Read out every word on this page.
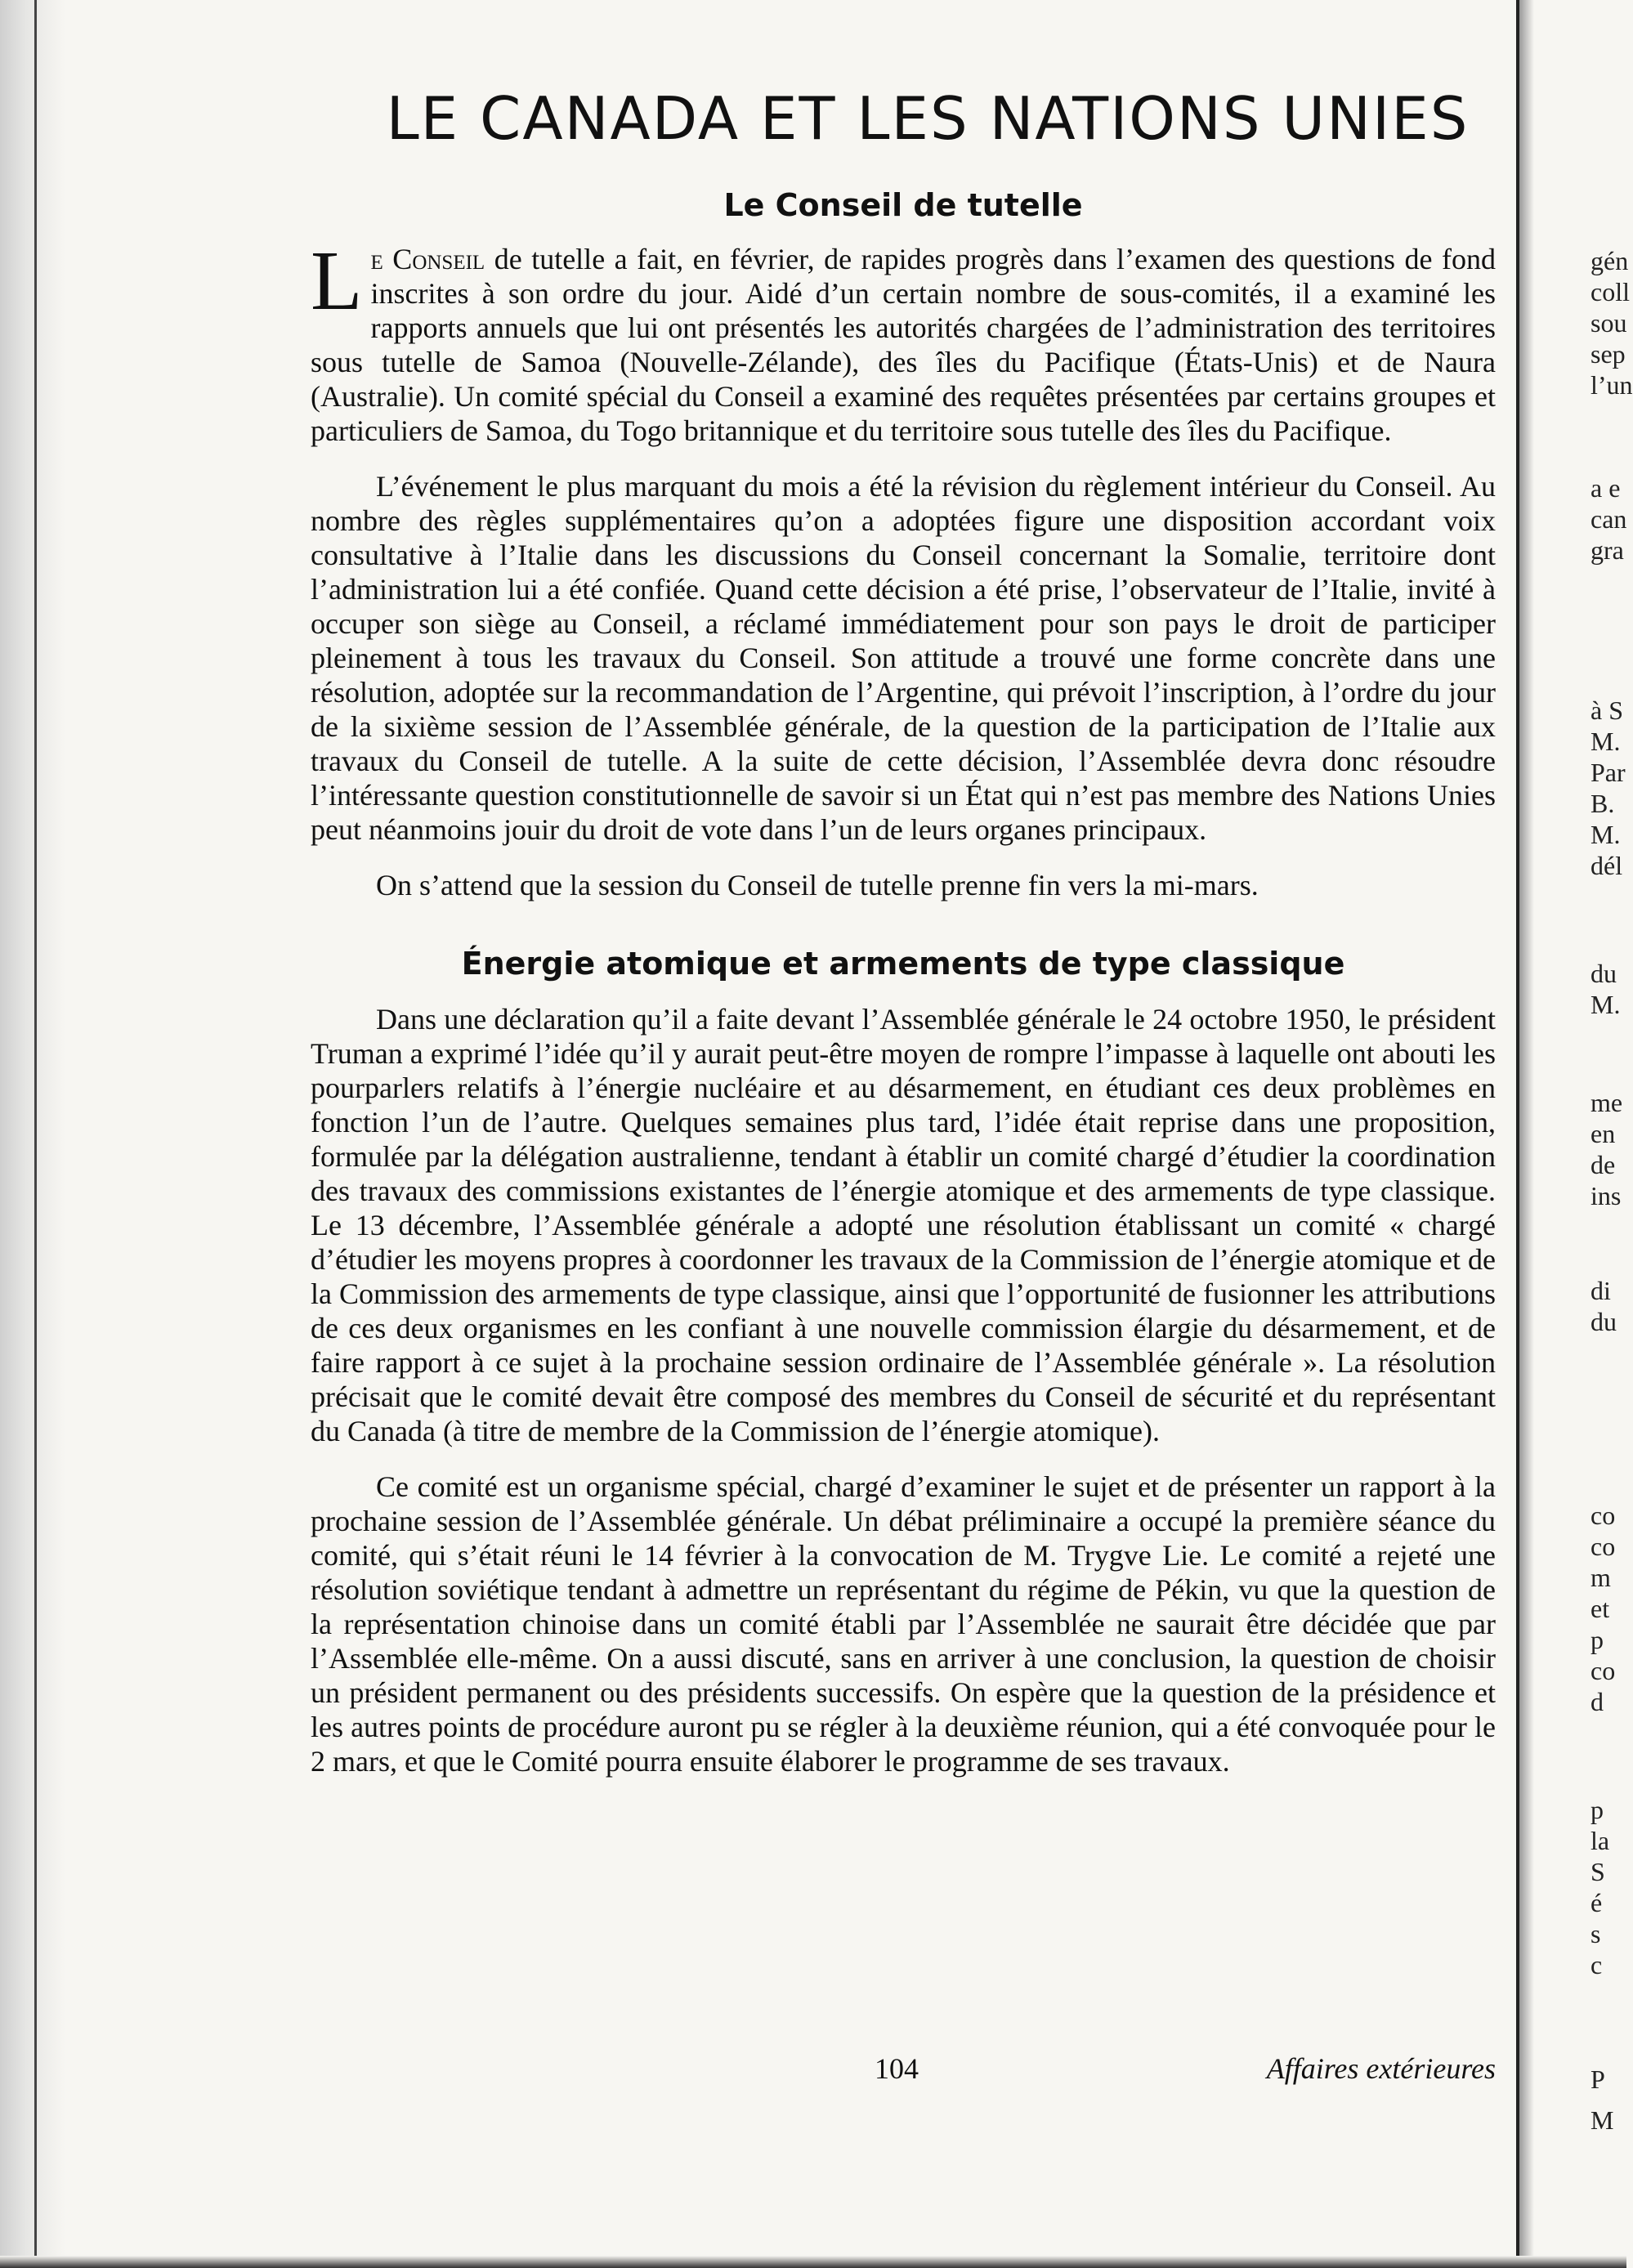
gén
coll
sou
sep
l’un
a e
can
gra
à S
M.
Par
B.
M.
dél
du
M.
me
en
de
ins
di
du
co
co
m
et
p
co
d
p
la
S
é
s
c
P
M
LE CANADA ET LES NATIONS UNIES
Le Conseil de tutelle

Le Conseil de tutelle a fait, en février, de rapides progrès dans l’examen des questions de fond inscrites à son ordre du jour. Aidé d’un certain nombre de sous-comités, il a examiné les rapports annuels que lui ont présentés les autorités chargées de l’administration des territoires sous tutelle de Samoa (Nouvelle-Zélande), des îles du Pacifique (États-Unis) et de Naura (Australie). Un comité spécial du Conseil a examiné des requêtes présentées par certains groupes et particuliers de Samoa, du Togo britannique et du territoire sous tutelle des îles du Pacifique.

L’événement le plus marquant du mois a été la révision du règlement intérieur du Conseil. Au nombre des règles supplémentaires qu’on a adoptées figure une disposition accordant voix consultative à l’Italie dans les discussions du Conseil concernant la Somalie, territoire dont l’administration lui a été confiée. Quand cette décision a été prise, l’observateur de l’Italie, invité à occuper son siège au Conseil, a réclamé immédiatement pour son pays le droit de participer pleinement à tous les travaux du Conseil. Son attitude a trouvé une forme concrète dans une résolution, adoptée sur la recommandation de l’Argentine, qui prévoit l’inscription, à l’ordre du jour de la sixième session de l’Assemblée générale, de la question de la participation de l’Italie aux travaux du Conseil de tutelle. A la suite de cette décision, l’Assemblée devra donc résoudre l’intéressante question constitutionnelle de savoir si un État qui n’est pas membre des Nations Unies peut néanmoins jouir du droit de vote dans l’un de leurs organes principaux.

On s’attend que la session du Conseil de tutelle prenne fin vers la mi-mars.

Énergie atomique et armements de type classique

Dans une déclaration qu’il a faite devant l’Assemblée générale le 24 octobre 1950, le président Truman a exprimé l’idée qu’il y aurait peut-être moyen de rompre l’impasse à laquelle ont abouti les pourparlers relatifs à l’énergie nucléaire et au désarmement, en étudiant ces deux problèmes en fonction l’un de l’autre. Quelques semaines plus tard, l’idée était reprise dans une proposition, formulée par la délégation australienne, tendant à établir un comité chargé d’étudier la coordination des travaux des commissions existantes de l’énergie atomique et des armements de type classique. Le 13 décembre, l’Assemblée générale a adopté une résolution établissant un comité « chargé d’étudier les moyens propres à coordonner les travaux de la Commission de l’énergie atomique et de la Commission des armements de type classique, ainsi que l’opportunité de fusionner les attributions de ces deux organismes en les confiant à une nouvelle commission élargie du désarmement, et de faire rapport à ce sujet à la prochaine session ordinaire de l’Assemblée générale ». La résolution précisait que le comité devait être composé des membres du Conseil de sécurité et du représentant du Canada (à titre de membre de la Commission de l’énergie atomique).

Ce comité est un organisme spécial, chargé d’examiner le sujet et de présenter un rapport à la prochaine session de l’Assemblée générale. Un débat préliminaire a occupé la première séance du comité, qui s’était réuni le 14 février à la convocation de M. Trygve Lie. Le comité a rejeté une résolution soviétique tendant à admettre un représentant du régime de Pékin, vu que la question de la représentation chinoise dans un comité établi par l’Assemblée ne saurait être décidée que par l’Assemblée elle-même. On a aussi discuté, sans en arriver à une conclusion, la question de choisir un président permanent ou des présidents successifs. On espère que la question de la présidence et les autres points de procédure auront pu se régler à la deuxième réunion, qui a été convoquée pour le 2 mars, et que le Comité pourra ensuite élaborer le programme de ses travaux.

104	Affaires extérieures
